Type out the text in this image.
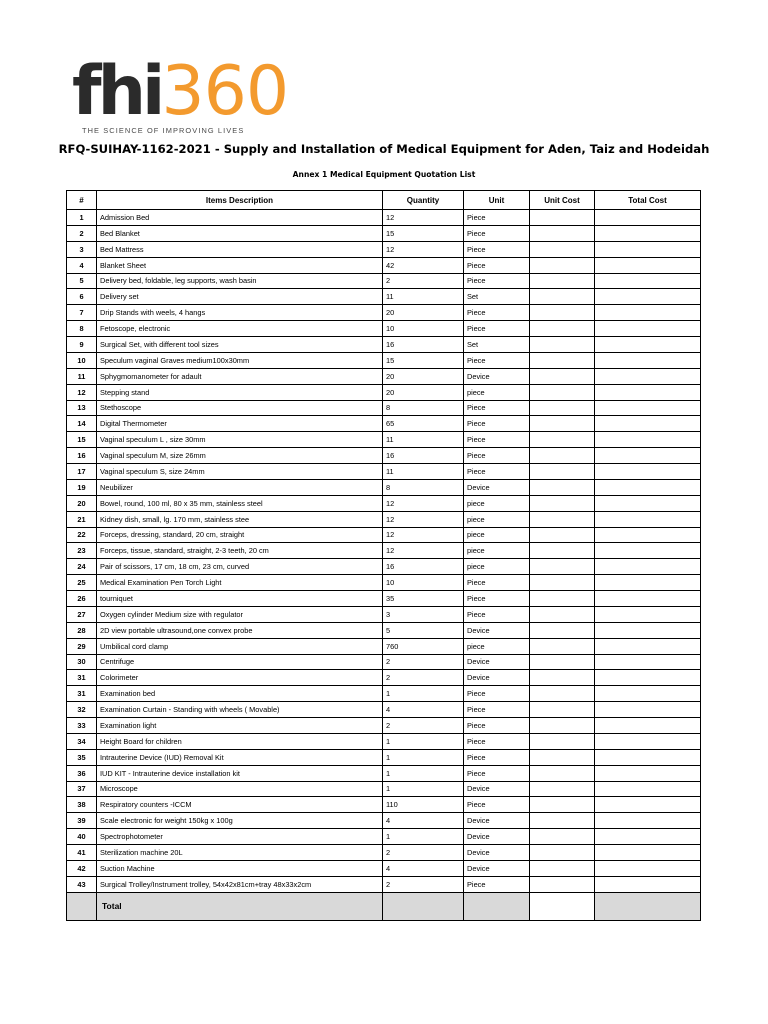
fhi360
THE SCIENCE OF IMPROVING LIVES
RFQ-SUIHAY-1162-2021 - Supply and Installation of Medical Equipment for Aden, Taiz and Hodeidah
Annex 1 Medical Equipment Quotation List
#	Items Description	Quantity	Unit	Unit Cost	Total Cost
1	Admission Bed	12	Piece		
2	Bed Blanket	15	Piece		
3	Bed Mattress	12	Piece		
4	Blanket Sheet	42	Piece		
5	Delivery bed, foldable, leg supports, wash basin	2	Piece		
6	Delivery set	11	Set		
7	Drip Stands with weels, 4 hangs	20	Piece		
8	Fetoscope, electronic	10	Piece		
9	Surgical Set, with different tool sizes	16	Set		
10	Speculum vaginal Graves medium100x30mm	15	Piece		
11	Sphygmomanometer for adault	20	Device		
12	Stepping stand	20	piece		
13	Stethoscope	8	Piece		
14	Digital Thermometer	65	Piece		
15	Vaginal speculum L , size 30mm	11	Piece		
16	Vaginal speculum M, size 26mm	16	Piece		
17	Vaginal speculum S, size 24mm	11	Piece		
19	Neubilizer	8	Device		
20	Bowel, round, 100 ml, 80 x 35 mm, stainless steel	12	piece		
21	Kidney dish, small, lg. 170 mm, stainless stee	12	piece		
22	Forceps, dressing, standard, 20 cm, straight	12	piece		
23	Forceps, tissue, standard, straight, 2-3 teeth, 20 cm	12	piece		
24	Pair of scissors, 17 cm, 18 cm, 23 cm, curved	16	piece		
25	Medical Examination Pen Torch Light	10	Piece		
26	tourniquet	35	Piece		
27	Oxygen cylinder Medium size with regulator	3	Piece		
28	2D view portable ultrasound,one convex probe	5	Device		
29	Umbilical cord clamp	760	piece		
30	Centrifuge	2	Device		
31	Colorimeter	2	Device		
31	Examination bed	1	Piece		
32	Examination Curtain - Standing with wheels ( Movable)	4	Piece		
33	Examination light	2	Piece		
34	Height Board for children	1	Piece		
35	Intrauterine Device (IUD) Removal Kit	1	Piece		
36	IUD KIT - Intrauterine device installation kit	1	Piece		
37	Microscope	1	Device		
38	Respiratory counters -ICCM	110	Piece		
39	Scale electronic for weight 150kg x 100g	4	Device		
40	Spectrophotometer	1	Device		
41	Sterilization machine 20L	2	Device		
42	Suction Machine	4	Device		
43	Surgical Trolley/Instrument trolley, 54x42x81cm+tray 48x33x2cm	2	Piece		
	Total				
